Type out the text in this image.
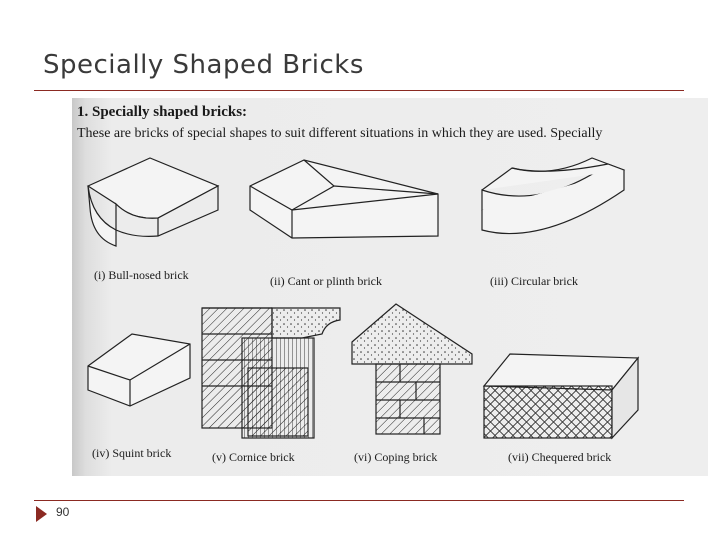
Specially Shaped Bricks
1. Specially shaped bricks:
These are bricks of special shapes to suit different situations in which they are used. Specially
(i) Bull-nosed brick	(ii) Cant or plinth brick	(iii) Circular brick
(iv) Squint brick	(v) Cornice brick	(vi) Coping brick	(vii) Chequered brick
90
